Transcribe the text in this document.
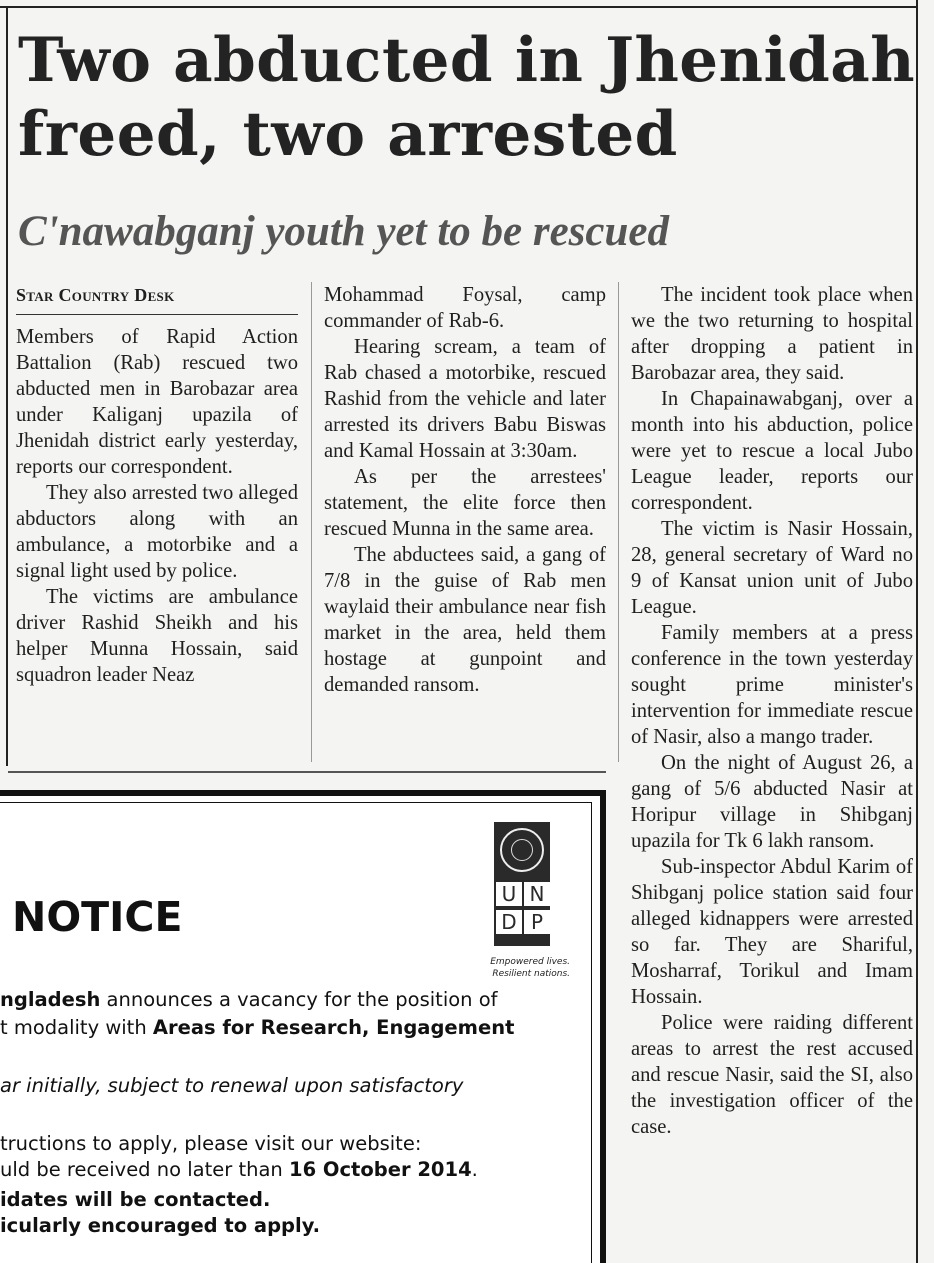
Two abducted in Jhenidah freed, two arrested
C'nawabganj youth yet to be rescued
Star Country Desk

Members of Rapid Action Battalion (Rab) rescued two abducted men in Barobazar area under Kaliganj upazila of Jhenidah district early yesterday, reports our correspondent.

They also arrested two alleged abductors along with an ambulance, a motorbike and a signal light used by police.

The victims are ambulance driver Rashid Sheikh and his helper Munna Hossain, said squadron leader Neaz

Mohammad Foysal, camp commander of Rab-6.

Hearing scream, a team of Rab chased a motorbike, rescued Rashid from the vehicle and later arrested its drivers Babu Biswas and Kamal Hossain at 3:30am.

As per the arrestees' statement, the elite force then rescued Munna in the same area.

The abductees said, a gang of 7/8 in the guise of Rab men waylaid their ambulance near fish market in the area, held them hostage at gunpoint and demanded ransom.

The incident took place when we the two returning to hospital after dropping a patient in Barobazar area, they said.

In Chapainawabganj, over a month into his abduction, police were yet to rescue a local Jubo League leader, reports our correspondent.

The victim is Nasir Hossain, 28, general secretary of Ward no 9 of Kansat union unit of Jubo League.

Family members at a press conference in the town yesterday sought prime minister's intervention for immediate rescue of Nasir, also a mango trader.

On the night of August 26, a gang of 5/6 abducted Nasir at Horipur village in Shibganj upazila for Tk 6 lakh ransom.

Sub-inspector Abdul Karim of Shibganj police station said four alleged kidnappers were arrested so far. They are Shariful, Mosharraf, Torikul and Imam Hossain.

Police were raiding different areas to arrest the rest accused and rescue Nasir, said the SI, also the investigation officer of the case.

NOTICE	U N
D P
Empowered lives.
Resilient nations.

ngladesh announces a vacancy for the position of

t modality with Areas for Research, Engagement

ar initially, subject to renewal upon satisfactory

tructions to apply, please visit our website:

uld be received no later than 16 October 2014.

idates will be contacted.

icularly encouraged to apply.
